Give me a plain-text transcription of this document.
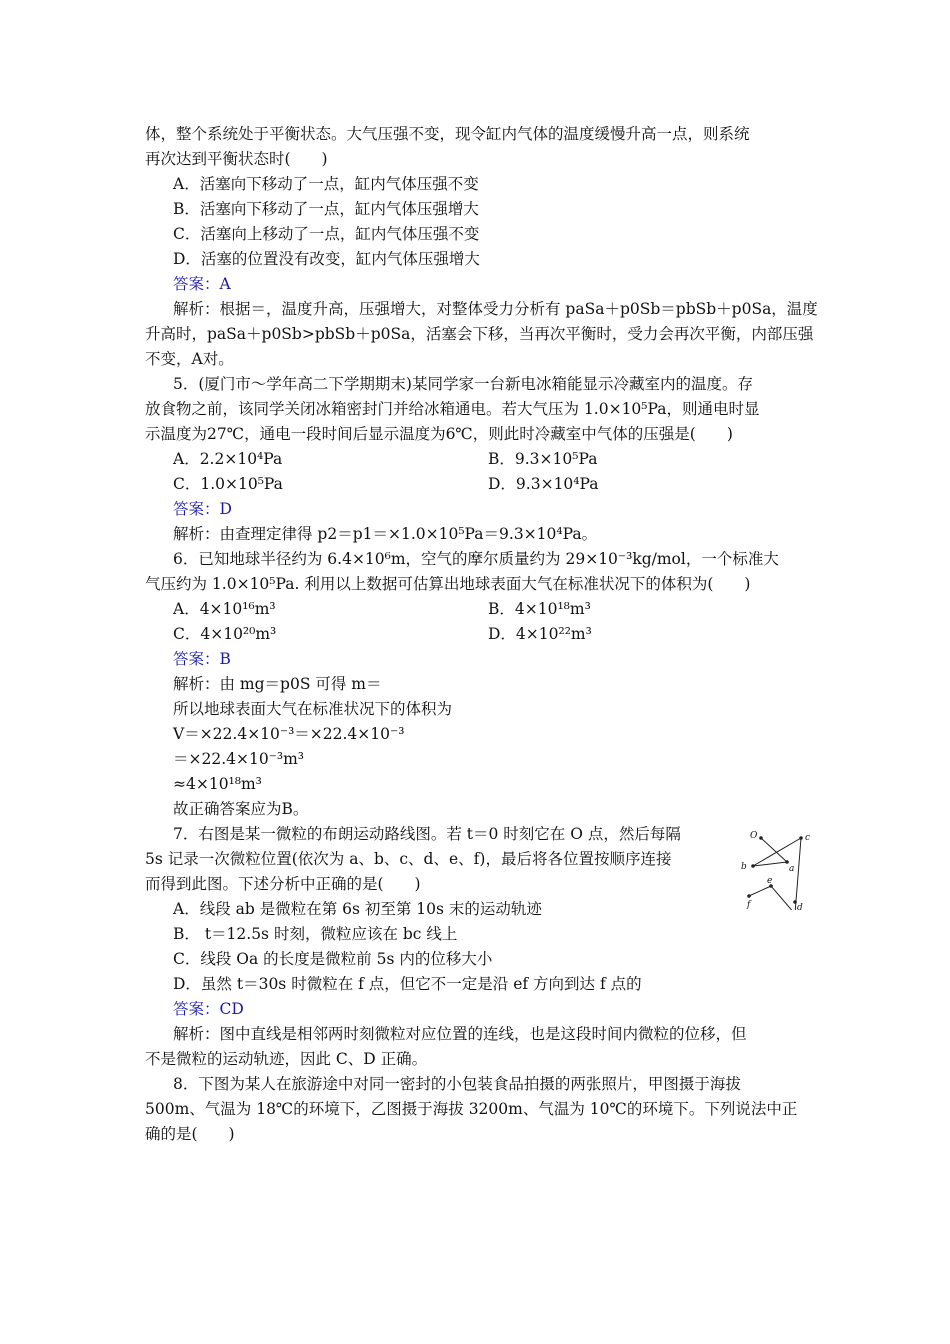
体，整个系统处于平衡状态。大气压强不变，现令缸内气体的温度缓慢升高一点，则系统
再次达到平衡状态时(　　)
A．活塞向下移动了一点，缸内气体压强不变
B．活塞向下移动了一点，缸内气体压强增大
C．活塞向上移动了一点，缸内气体压强不变
D．活塞的位置没有改变，缸内气体压强增大
答案：A
解析：根据＝，温度升高，压强增大，对整体受力分析有 paSa＋p0Sb＝pbSb＋p0Sa，温度
升高时，paSa＋p0Sb>pbSb＋p0Sa，活塞会下移，当再次平衡时，受力会再次平衡，内部压强
不变，A对。
5．(厦门市～学年高二下学期期末)某同学家一台新电冰箱能显示冷藏室内的温度。存
放食物之前，该同学关闭冰箱密封门并给冰箱通电。若大气压为 1.0×10⁵Pa，则通电时显
示温度为27℃，通电一段时间后显示温度为6℃，则此时冷藏室中气体的压强是(　　)
A．2.2×10⁴Pa	B．9.3×10⁵Pa
C．1.0×10⁵Pa	D．9.3×10⁴Pa
答案：D
解析：由查理定律得 p2＝p1＝×1.0×10⁵Pa＝9.3×10⁴Pa。
6．已知地球半径约为 6.4×10⁶m，空气的摩尔质量约为 29×10⁻³kg/mol，一个标准大
气压约为 1.0×10⁵Pa. 利用以上数据可估算出地球表面大气在标准状况下的体积为(　　)
A．4×10¹⁶m³	B．4×10¹⁸m³
C．4×10²⁰m³	D．4×10²²m³
答案：B
解析：由 mg＝p0S 可得 m＝
所以地球表面大气在标准状况下的体积为
V＝×22.4×10⁻³＝×22.4×10⁻³
＝×22.4×10⁻³m³
≈4×10¹⁸m³
故正确答案应为B。
7．右图是某一微粒的布朗运动路线图。若 t＝0 时刻它在 O 点，然后每隔
5s 记录一次微粒位置(依次为 a、b、c、d、e、f)，最后将各位置按顺序连接
而得到此图。下述分析中正确的是(　　)
A．线段 ab 是微粒在第 6s 初至第 10s 末的运动轨迹
B． t＝12.5s 时刻，微粒应该在 bc 线上
C．线段 Oa 的长度是微粒前 5s 内的位移大小
D．虽然 t＝30s 时微粒在 f 点，但它不一定是沿 ef 方向到达 f 点的
答案：CD
解析：图中直线是相邻两时刻微粒对应位置的连线，也是这段时间内微粒的位移，但
不是微粒的运动轨迹，因此 C、D 正确。
8．下图为某人在旅游途中对同一密封的小包装食品拍摄的两张照片，甲图摄于海拔
500m、气温为 18℃的环境下，乙图摄于海拔 3200m、气温为 10℃的环境下。下列说法中正
确的是(　　)
O	c
b	a
e
f	d
